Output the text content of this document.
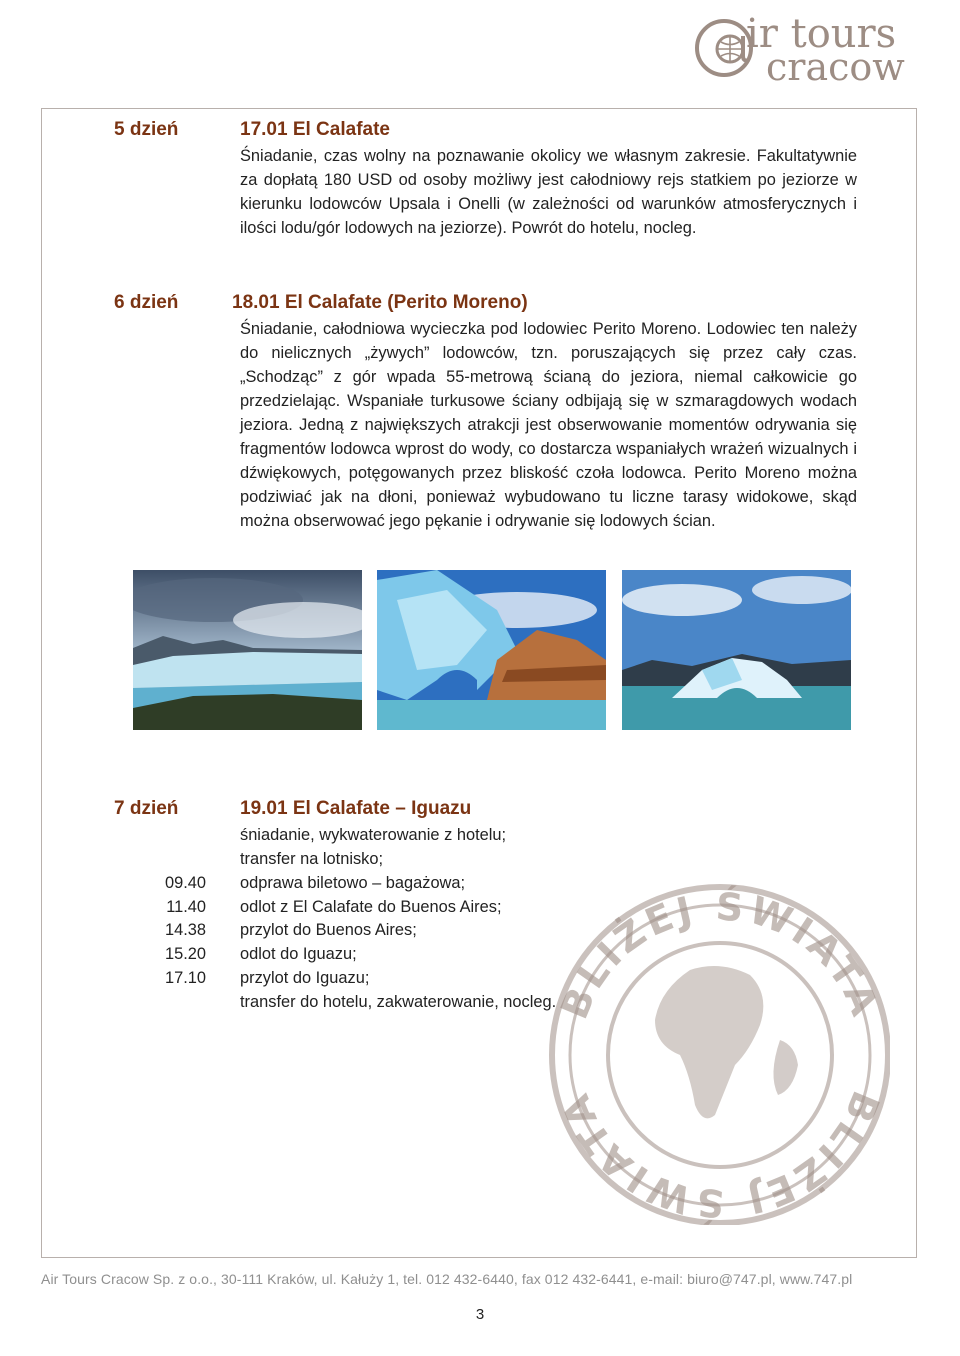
ir tours
cracow
5 dzień	17.01 El Calafate

Śniadanie, czas wolny na poznawanie okolicy we własnym zakresie. Fakultatywnie za dopłatą 180 USD od osoby możliwy jest całodniowy rejs statkiem po jeziorze w kierunku lodowców Upsala i Onelli (w zależności od warunków atmosferycznych i ilości lodu/gór lodowych na jeziorze). Powrót do hotelu, nocleg.

6 dzień	18.01 El Calafate (Perito Moreno)

Śniadanie, całodniowa wycieczka pod lodowiec Perito Moreno. Lodowiec ten należy do nielicznych „żywych” lodowców, tzn. poruszających się przez cały czas. „Schodząc” z gór wpada 55-metrową ścianą do jeziora, niemal całkowicie go przedzielając. Wspaniałe turkusowe ściany odbijają się w szmaragdowych wodach jeziora. Jedną z największych atrakcji jest obserwowanie momentów odrywania się fragmentów lodowca wprost do wody, co dostarcza wspaniałych wrażeń wizualnych i dźwiękowych, potęgowanych przez bliskość czoła lodowca. Perito Moreno można podziwiać jak na dłoni, ponieważ wybudowano tu liczne tarasy widokowe, skąd można obserwować jego pękanie i odrywanie się lodowych ścian.

7 dzień	19.01 El Calafate – Iguazu
śniadanie, wykwaterowanie z hotelu;
transfer na lotnisko;
09.40 odprawa biletowo – bagażowa;
11.40 odlot z El Calafate do Buenos Aires;
14.38 przylot do Buenos Aires;
15.20 odlot do Iguazu;
17.10 przylot do Iguazu;
transfer do hotelu, zakwaterowanie, nocleg.
BLIŻEJ ŚWIATA
BLIŻEJ ŚWIATA
Air Tours Cracow Sp. z o.o., 30-111 Kraków, ul. Kałuży 1, tel. 012 432-6440, fax 012 432-6441, e-mail: biuro@747.pl, www.747.pl
3
